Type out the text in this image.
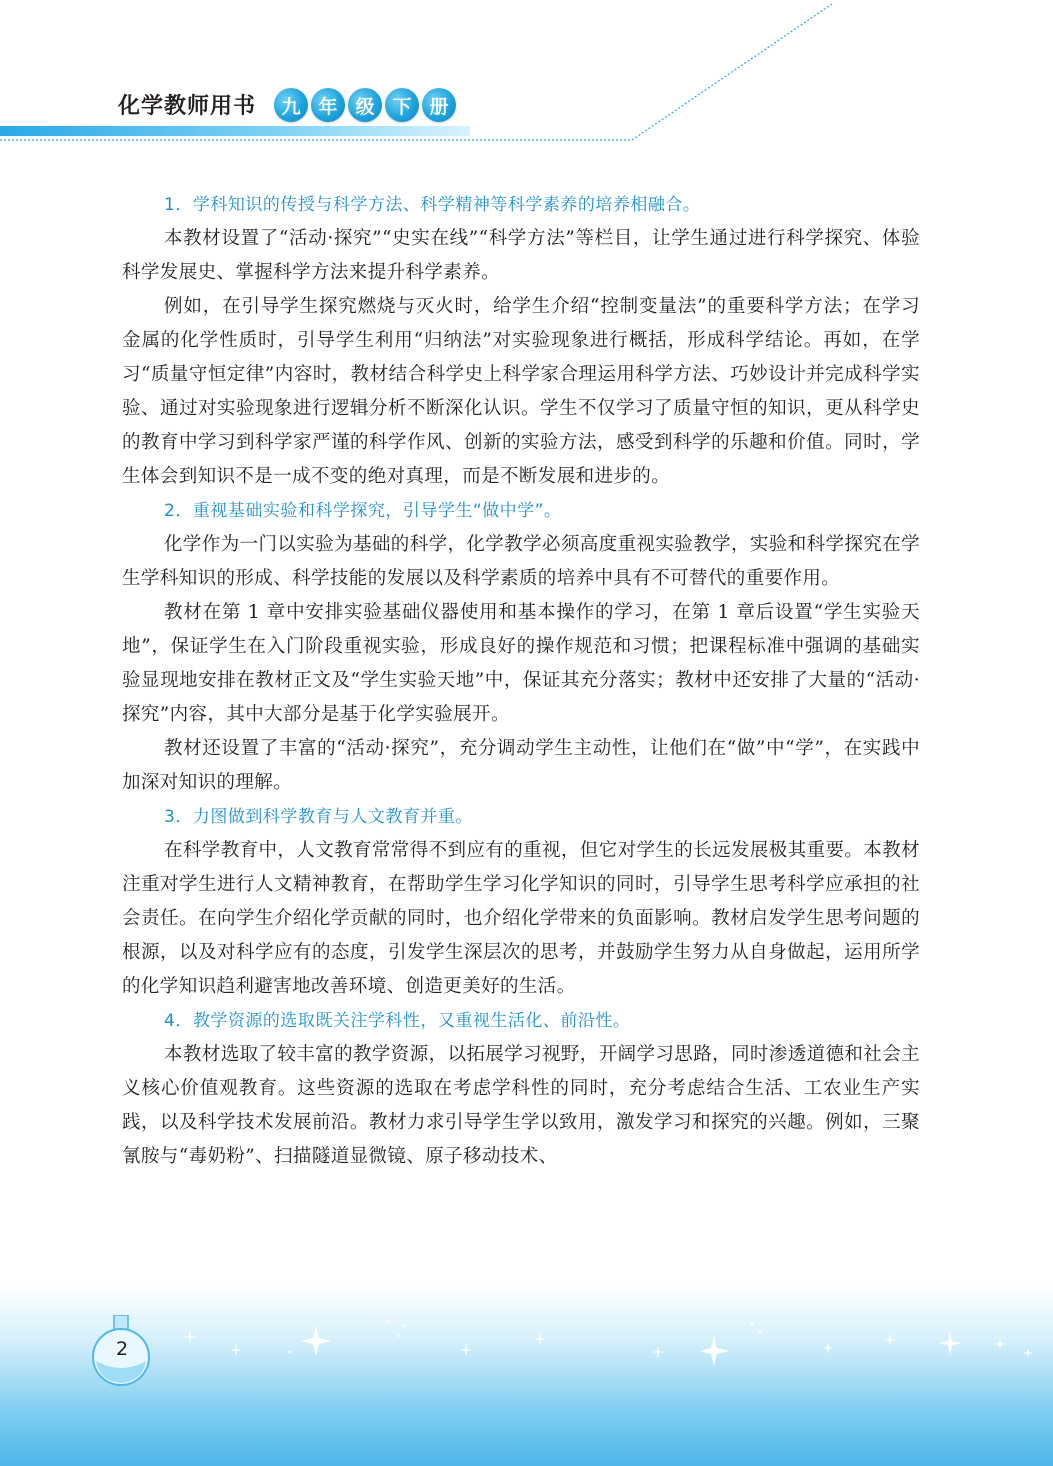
化学教师用书	九 年 级 下 册
1．学科知识的传授与科学方法、科学精神等科学素养的培养相融合。

本教材设置了“活动·探究”“史实在线”“科学方法”等栏目，让学生通过进行科学探究、体验科学发展史、掌握科学方法来提升科学素养。

例如，在引导学生探究燃烧与灭火时，给学生介绍“控制变量法”的重要科学方法；在学习金属的化学性质时，引导学生利用“归纳法”对实验现象进行概括，形成科学结论。再如，在学习“质量守恒定律”内容时，教材结合科学史上科学家合理运用科学方法、巧妙设计并完成科学实验、通过对实验现象进行逻辑分析不断深化认识。学生不仅学习了质量守恒的知识，更从科学史的教育中学习到科学家严谨的科学作风、创新的实验方法，感受到科学的乐趣和价值。同时，学生体会到知识不是一成不变的绝对真理，而是不断发展和进步的。

2．重视基础实验和科学探究，引导学生“做中学”。

化学作为一门以实验为基础的科学，化学教学必须高度重视实验教学，实验和科学探究在学生学科知识的形成、科学技能的发展以及科学素质的培养中具有不可替代的重要作用。

教材在第 1 章中安排实验基础仪器使用和基本操作的学习，在第 1 章后设置“学生实验天地”，保证学生在入门阶段重视实验，形成良好的操作规范和习惯；把课程标准中强调的基础实验显现地安排在教材正文及“学生实验天地”中，保证其充分落实；教材中还安排了大量的“活动·探究”内容，其中大部分是基于化学实验展开。

教材还设置了丰富的“活动·探究”，充分调动学生主动性，让他们在“做”中“学”，在实践中加深对知识的理解。

3．力图做到科学教育与人文教育并重。

在科学教育中，人文教育常常得不到应有的重视，但它对学生的长远发展极其重要。本教材注重对学生进行人文精神教育，在帮助学生学习化学知识的同时，引导学生思考科学应承担的社会责任。在向学生介绍化学贡献的同时，也介绍化学带来的负面影响。教材启发学生思考问题的根源，以及对科学应有的态度，引发学生深层次的思考，并鼓励学生努力从自身做起，运用所学的化学知识趋利避害地改善环境、创造更美好的生活。

4．教学资源的选取既关注学科性，又重视生活化、前沿性。

本教材选取了较丰富的教学资源，以拓展学习视野，开阔学习思路，同时渗透道德和社会主义核心价值观教育。这些资源的选取在考虑学科性的同时，充分考虑结合生活、工农业生产实践，以及科学技术发展前沿。教材力求引导学生学以致用，激发学习和探究的兴趣。例如，三聚氰胺与“毒奶粉”、扫描隧道显微镜、原子移动技术、

2
